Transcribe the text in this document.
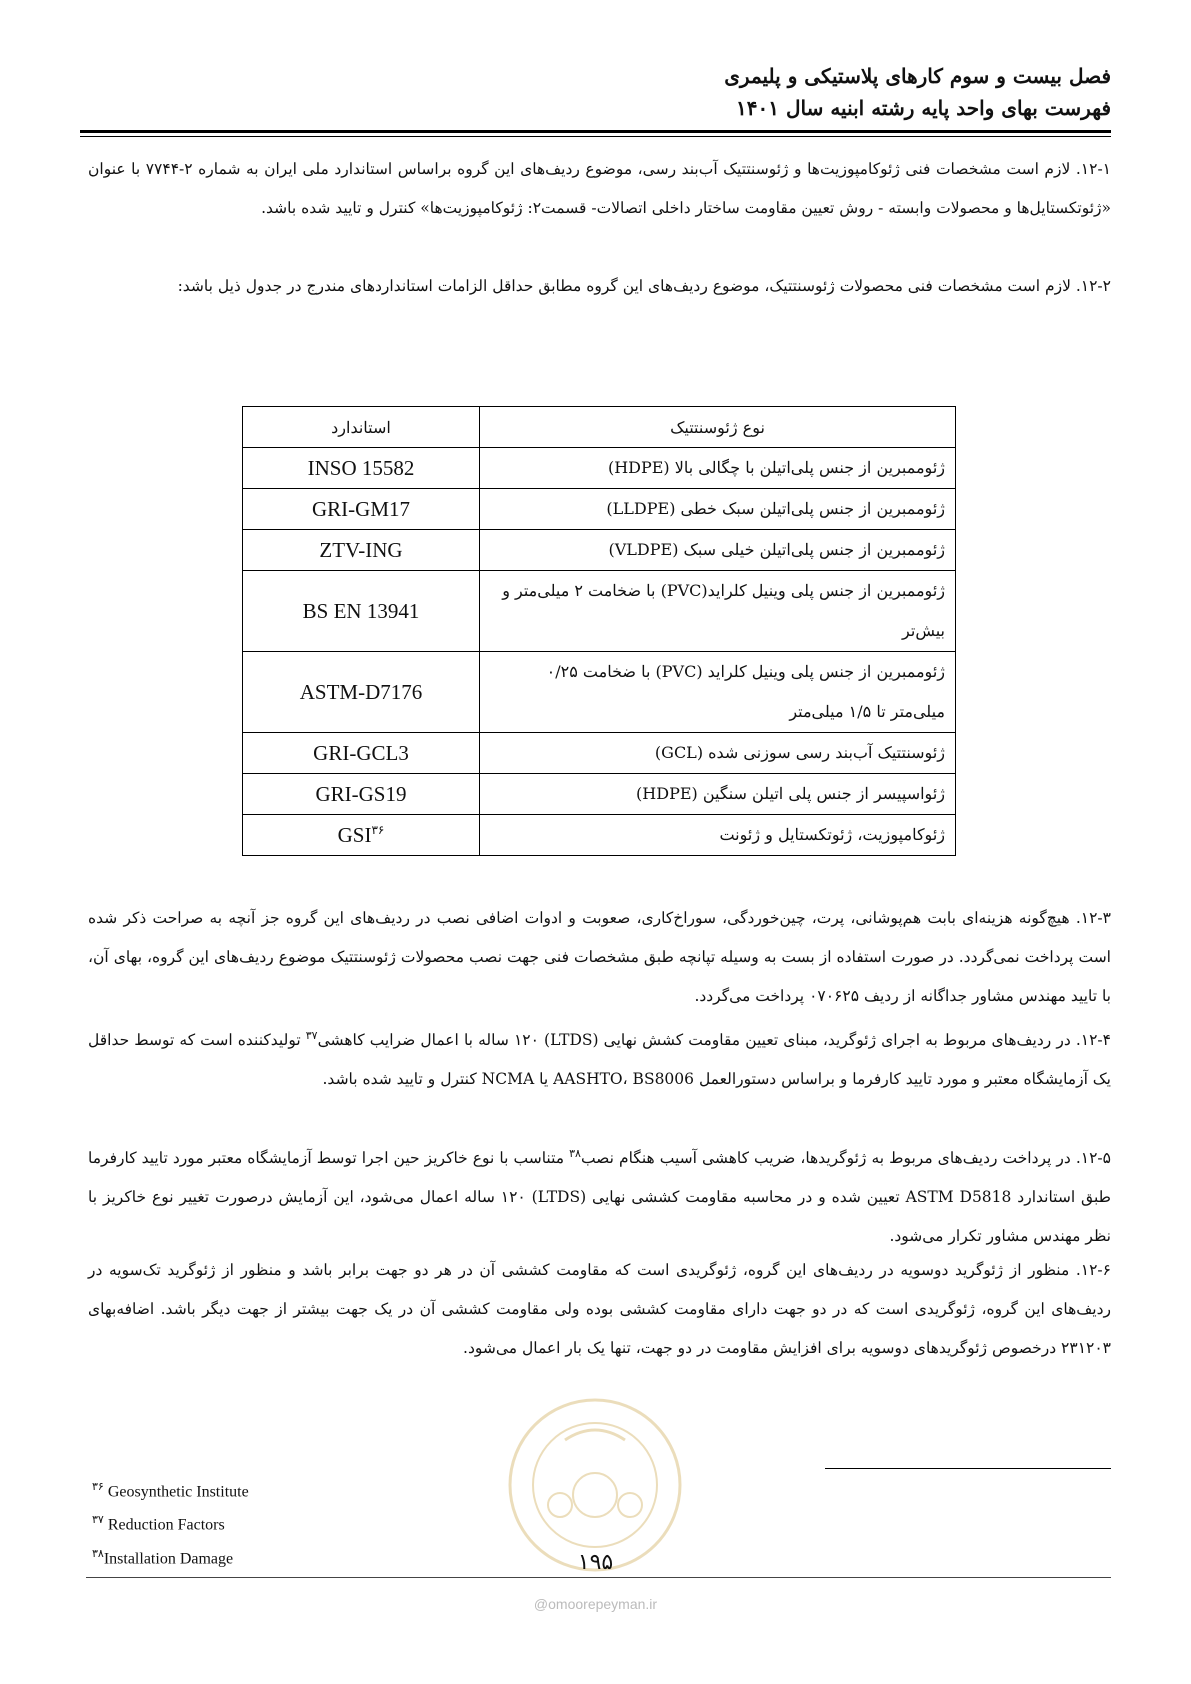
فصل بیست و سوم کارهای پلاستیکی و پلیمری
فهرست بهای واحد پایه رشته ابنیه سال ۱۴۰۱
۱۲-۱. لازم است مشخصات فنی ژئوکامپوزیت‌ها و ژئوسنتتیک آب‌بند رسی، موضوع ردیف‌های این گروه براساس استاندارد ملی ایران به شماره ۲-۷۷۴۴ با عنوان «ژئوتکستایل‌ها و محصولات وابسته - روش تعیین مقاومت ساختار داخلی اتصالات- قسمت۲: ژئوکامپوزیت‌ها» کنترل و تایید شده باشد.
۱۲-۲. لازم است مشخصات فنی محصولات ژئوسنتتیک، موضوع ردیف‌های این گروه مطابق حداقل الزامات استانداردهای مندرج در جدول ذیل باشد:
نوع ژئوسنتتیک	استاندارد
ژئوممبرین از جنس پلی‌اتیلن با چگالی بالا (HDPE)	INSO 15582
ژئوممبرین از جنس پلی‌اتیلن سبک خطی (LLDPE)	GRI-GM17
ژئوممبرین از جنس پلی‌اتیلن خیلی سبک (VLDPE)	ZTV-ING
ژئوممبرین از جنس پلی وینیل کلراید(PVC) با ضخامت ۲ میلی‌متر و بیش‌تر	BS EN 13941
ژئوممبرین از جنس پلی وینیل کلراید (PVC) با ضخامت ۰/۲۵ میلی‌متر تا ۱/۵ میلی‌متر	ASTM-D7176
ژئوسنتتیک آب‌بند رسی سوزنی شده (GCL)	GRI-GCL3
ژئواسپیسر از جنس پلی اتیلن سنگین (HDPE)	GRI-GS19
ژئوکامپوزیت، ژئوتکستایل و ژئونت	GSI$^{۳۶}$
۱۲-۳. هیچ‌گونه هزینه‌ای بابت هم‌پوشانی، پرت، چین‌خوردگی، سوراخ‌کاری، صعوبت و ادوات اضافی نصب در ردیف‌های این گروه جز آنچه به صراحت ذکر شده است پرداخت نمی‌گردد. در صورت استفاده از بست به وسیله تپانچه طبق مشخصات فنی جهت نصب محصولات ژئوسنتتیک موضوع ردیف‌های این گروه، بهای آن، با تایید مهندس مشاور جداگانه از ردیف ۰۷۰۶۲۵ پرداخت می‌گردد.
۱۲-۴. در ردیف‌های مربوط به اجرای ژئوگرید، مبنای تعیین مقاومت کشش نهایی (LTDS) ۱۲۰ ساله با اعمال ضرایب کاهشی$^{۳۷}$ تولیدکننده است که توسط حداقل یک آزمایشگاه معتبر و مورد تایید کارفرما و براساس دستورالعمل AASHTO، BS8006 یا NCMA کنترل و تایید شده باشد.
۱۲-۵. در پرداخت ردیف‌های مربوط به ژئوگریدها، ضریب کاهشی آسیب هنگام نصب$^{۳۸}$ متناسب با نوع خاکریز حین اجرا توسط آزمایشگاه معتبر مورد تایید کارفرما طبق استاندارد ASTM D5818 تعیین شده و در محاسبه مقاومت کششی نهایی (LTDS) ۱۲۰ ساله اعمال می‌شود، این آزمایش درصورت تغییر نوع خاکریز با نظر مهندس مشاور تکرار می‌شود.
۱۲-۶. منظور از ژئوگرید دوسویه در ردیف‌های این گروه، ژئوگریدی است که مقاومت کششی آن در هر دو جهت برابر باشد و منظور از ژئوگرید تک‌سویه در ردیف‌های این گروه، ژئوگریدی است که در دو جهت دارای مقاومت کششی بوده ولی مقاومت کششی آن در یک جهت بیشتر از جهت دیگر باشد. اضافه‌بهای ۲۳۱۲۰۳ درخصوص ژئوگریدهای دوسویه برای افزایش مقاومت در دو جهت، تنها یک بار اعمال می‌شود.
$^{۳۶}$ Geosynthetic Institute
$^{۳۷}$ Reduction Factors
$^{۳۸}$Installation Damage	۱۹۵
@omoorepeyman.ir
